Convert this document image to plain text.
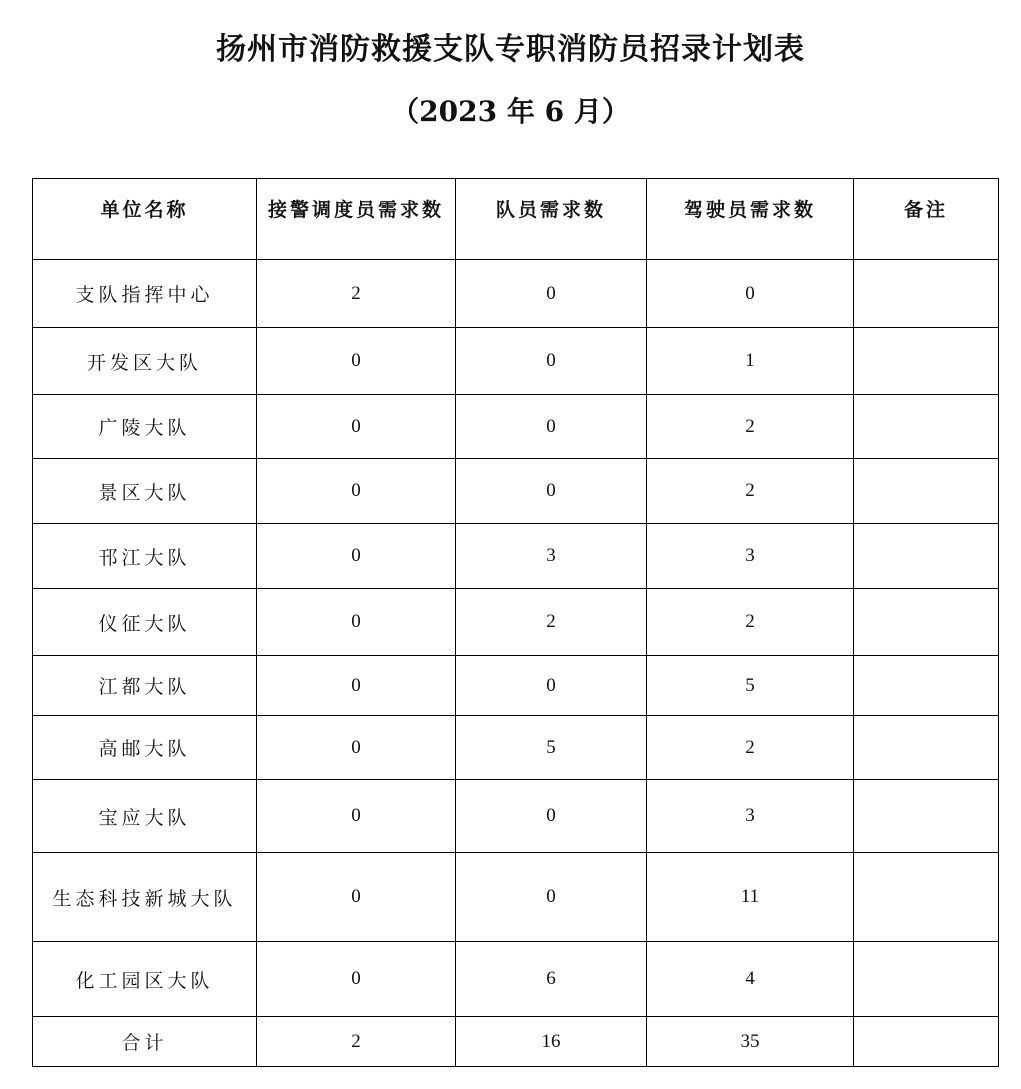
扬州市消防救援支队专职消防员招录计划表
（2023 年 6 月）
单位名称	接警调度员需求数	队员需求数	驾驶员需求数	备注
支队指挥中心	2	0	0	
开发区大队	0	0	1	
广陵大队	0	0	2	
景区大队	0	0	2	
邗江大队	0	3	3	
仪征大队	0	2	2	
江都大队	0	0	5	
高邮大队	0	5	2	
宝应大队	0	0	3	
生态科技新城大队	0	0	11	
化工园区大队	0	6	4	
合计	2	16	35	
